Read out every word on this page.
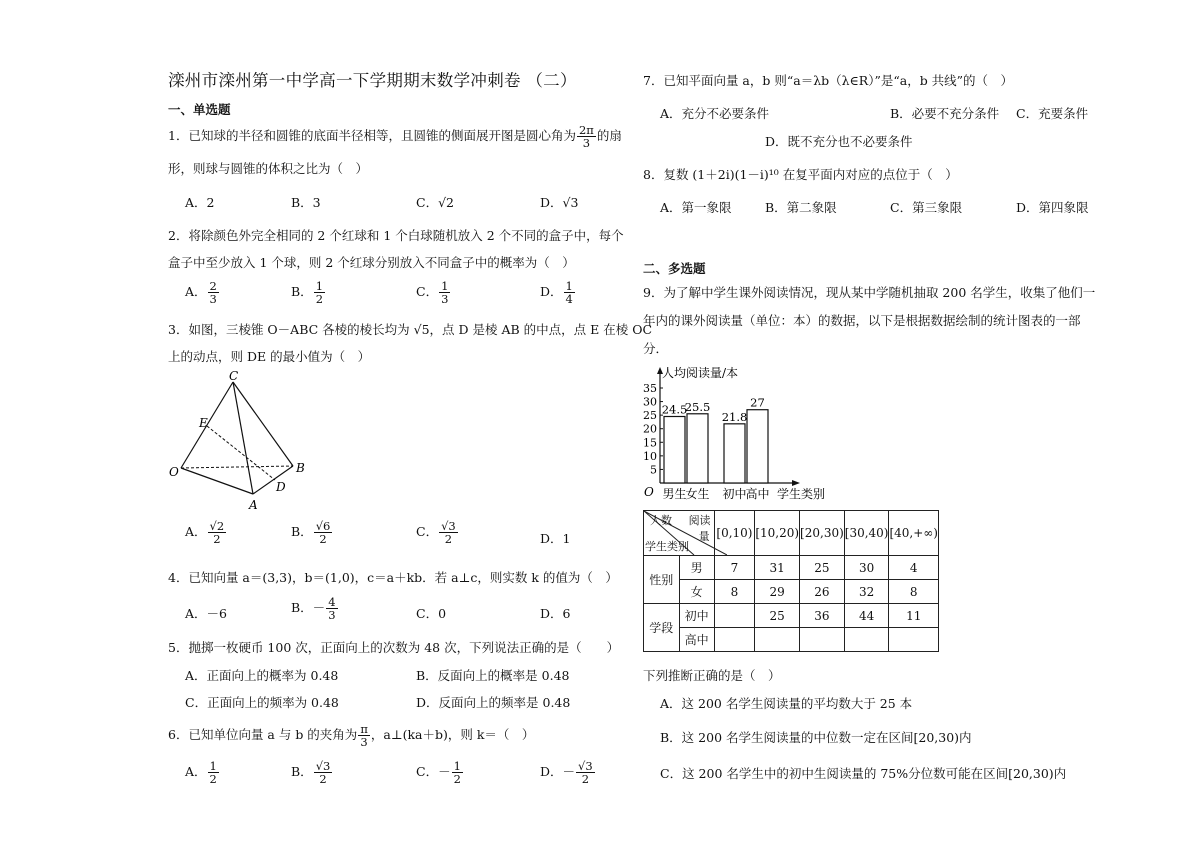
滦州市滦州第一中学高一下学期期末数学冲刺卷 （二）
一、单选题
1．已知球的半径和圆锥的底面半径相等，且圆锥的侧面展开图是圆心角为 $\frac{2\pi}{3}$ 的扇
形，则球与圆锥的体积之比为（　）
A．2	B．3	C．√2	D．√3
2．将除颜色外完全相同的 2 个红球和 1 个白球随机放入 2 个不同的盒子中，每个
盒子中至少放入 1 个球，则 2 个红球分别放入不同盒子中的概率为（　）
A． $\frac{2}{3}$	B． $\frac{1}{2}$	C． $\frac{1}{3}$	D． $\frac{1}{4}$
3．如图，三棱锥 O－ABC 各棱的棱长均为 √5，点 D 是棱 AB 的中点，点 E 在棱 OC
上的动点，则 DE 的最小值为（　）
C
E
O	B
D
A
A． $\frac{√2}{2}$	B． $\frac{√6}{2}$	C． $\frac{√3}{2}$	D．1
4．已知向量 a＝(3,3)，b＝(1,0)，c＝a＋kb．若 a⊥c，则实数 k 的值为（　）
A．－6	B．－ $\frac{4}{3}$	C．0	D．6
5．抛掷一枚硬币 100 次，正面向上的次数为 48 次，下列说法正确的是（　　）
A．正面向上的概率为 0.48	B．反面向上的概率是 0.48
C．正面向上的频率为 0.48	D．反面向上的频率是 0.48
6．已知单位向量 a 与 b 的夹角为 $\frac{\pi}{3}$ ，a⊥(ka＋b)，则 k＝（　）
A． $\frac{1}{2}$	B． $\frac{√3}{2}$	C．－ $\frac{1}{2}$	D．－ $\frac{√3}{2}$
7．已知平面向量 a，b 则“a＝λb（λ∈R）”是“a，b 共线”的（　）
A．充分不必要条件	B．必要不充分条件 C．充要条件
D．既不充分也不必要条件
8．复数 (1＋2i)(1－i)¹⁰ 在复平面内对应的点位于（　）
A．第一象限	B．第二象限	C．第三象限	D．第四象限
二、多选题
9．为了解中学生课外阅读情况，现从某中学随机抽取 200 名学生，收集了他们一
年内的课外阅读量（单位：本）的数据，以下是根据数据绘制的统计图表的一部
分．
人均阅读量/本
O	学生类别
5
10
15
20
25
30
35
24.5
男生
25.5
女生
21.8
初中
27
高中
阅读
人数
量
学生类别		[0,10)	[10,20)	[20,30)	[30,40)	[40,+∞)
性别	男	7	31	25	30	4
	女	8	29	26	32	8
学段	初中		25	36	44	11
	高中					
下列推断正确的是（　）
A．这 200 名学生阅读量的平均数大于 25 本
B．这 200 名学生阅读量的中位数一定在区间[20,30)内
C．这 200 名学生中的初中生阅读量的 75%分位数可能在区间[20,30)内
